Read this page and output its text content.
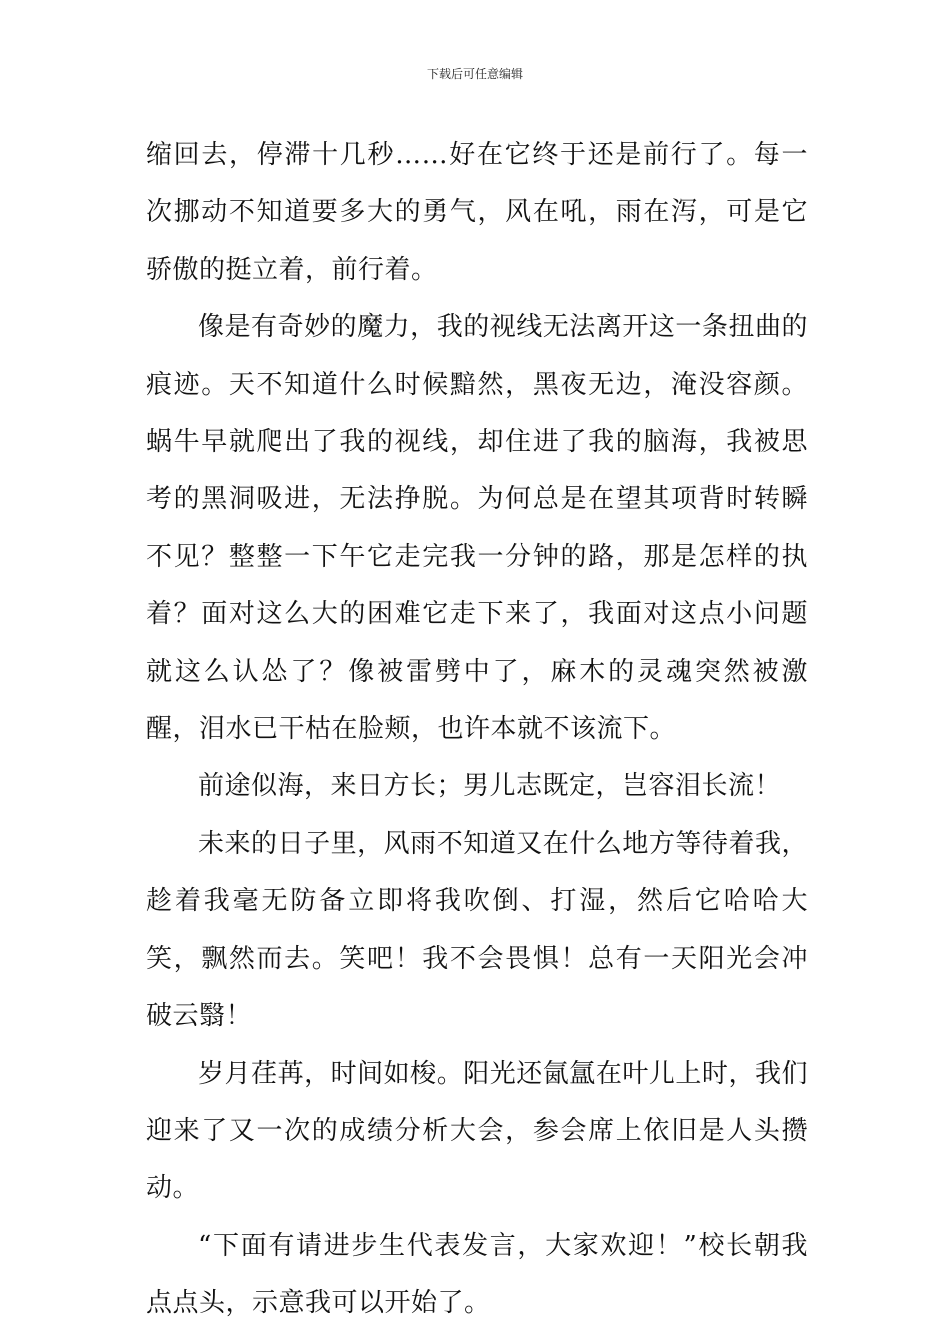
下载后可任意编辑

缩回去，停滞十几秒……好在它终于还是前行了。每一次挪动不知道要多大的勇气，风在吼，雨在泻，可是它骄傲的挺立着，前行着。

像是有奇妙的魔力，我的视线无法离开这一条扭曲的痕迹。天不知道什么时候黯然，黑夜无边，淹没容颜。蜗牛早就爬出了我的视线，却住进了我的脑海，我被思考的黑洞吸进，无法挣脱。为何总是在望其项背时转瞬不见？整整一下午它走完我一分钟的路，那是怎样的执着？面对这么大的困难它走下来了，我面对这点小问题就这么认怂了？像被雷劈中了，麻木的灵魂突然被激醒，泪水已干枯在脸颊，也许本就不该流下。

前途似海，来日方长；男儿志既定，岂容泪长流！

未来的日子里，风雨不知道又在什么地方等待着我，趁着我毫无防备立即将我吹倒、打湿，然后它哈哈大笑，飘然而去。笑吧！我不会畏惧！总有一天阳光会冲破云翳！

岁月荏苒，时间如梭。阳光还氤氲在叶儿上时，我们迎来了又一次的成绩分析大会，参会席上依旧是人头攒动。

“下面有请进步生代表发言，大家欢迎！”校长朝我点点头，示意我可以开始了。
